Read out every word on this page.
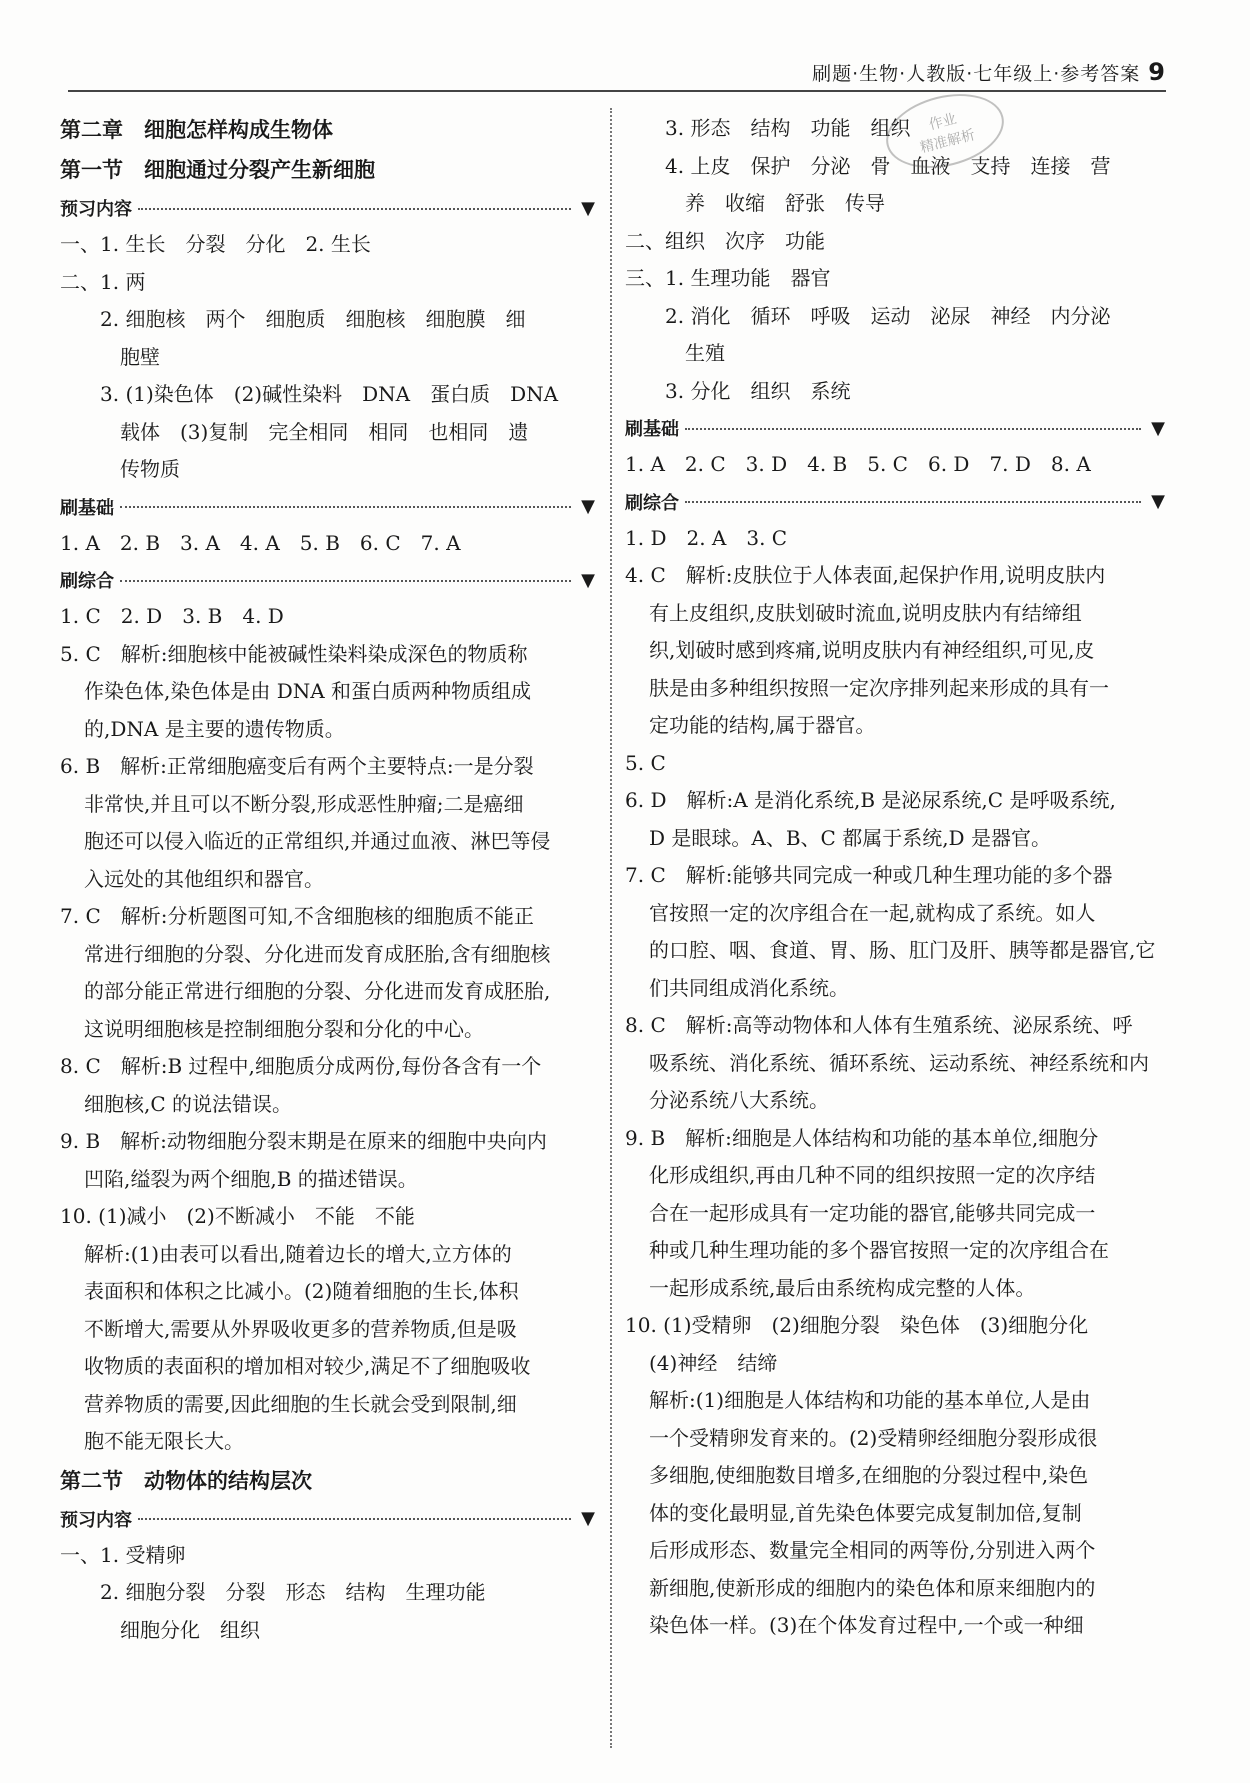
刷题·生物·人教版·七年级上·参考答案 9
第二章　细胞怎样构成生物体
第一节　细胞通过分裂产生新细胞
预习内容	▼
一、1. 生长　分裂　分化　2. 生长
二、1. 两
2. 细胞核　两个　细胞质　细胞核　细胞膜　细
胞壁
3. (1)染色体　(2)碱性染料　DNA　蛋白质　DNA
载体　(3)复制　完全相同　相同　也相同　遗
传物质
刷基础	▼
1. A　2. B　3. A　4. A　5. B　6. C　7. A
刷综合	▼
1. C　2. D　3. B　4. D
5. C　解析:细胞核中能被碱性染料染成深色的物质称
作染色体,染色体是由 DNA 和蛋白质两种物质组成
的,DNA 是主要的遗传物质。
6. B　解析:正常细胞癌变后有两个主要特点:一是分裂
非常快,并且可以不断分裂,形成恶性肿瘤;二是癌细
胞还可以侵入临近的正常组织,并通过血液、淋巴等侵
入远处的其他组织和器官。
7. C　解析:分析题图可知,不含细胞核的细胞质不能正
常进行细胞的分裂、分化进而发育成胚胎,含有细胞核
的部分能正常进行细胞的分裂、分化进而发育成胚胎,
这说明细胞核是控制细胞分裂和分化的中心。
8. C　解析:B 过程中,细胞质分成两份,每份各含有一个
细胞核,C 的说法错误。
9. B　解析:动物细胞分裂末期是在原来的细胞中央向内
凹陷,缢裂为两个细胞,B 的描述错误。
10. (1)减小　(2)不断减小　不能　不能
解析:(1)由表可以看出,随着边长的增大,立方体的
表面积和体积之比减小。(2)随着细胞的生长,体积
不断增大,需要从外界吸收更多的营养物质,但是吸
收物质的表面积的增加相对较少,满足不了细胞吸收
营养物质的需要,因此细胞的生长就会受到限制,细
胞不能无限长大。
第二节　动物体的结构层次
预习内容	▼
一、1. 受精卵
2. 细胞分裂　分裂　形态　结构　生理功能
细胞分化　组织
3. 形态　结构　功能　组织
4. 上皮　保护　分泌　骨　血液　支持　连接　营
养　收缩　舒张　传导
二、组织　次序　功能
三、1. 生理功能　器官
2. 消化　循环　呼吸　运动　泌尿　神经　内分泌
生殖
3. 分化　组织　系统
刷基础	▼
1. A　2. C　3. D　4. B　5. C　6. D　7. D　8. A
刷综合	▼
1. D　2. A　3. C
4. C　解析:皮肤位于人体表面,起保护作用,说明皮肤内
有上皮组织,皮肤划破时流血,说明皮肤内有结缔组
织,划破时感到疼痛,说明皮肤内有神经组织,可见,皮
肤是由多种组织按照一定次序排列起来形成的具有一
定功能的结构,属于器官。
5. C
6. D　解析:A 是消化系统,B 是泌尿系统,C 是呼吸系统,
D 是眼球。A、B、C 都属于系统,D 是器官。
7. C　解析:能够共同完成一种或几种生理功能的多个器
官按照一定的次序组合在一起,就构成了系统。如人
的口腔、咽、食道、胃、肠、肛门及肝、胰等都是器官,它
们共同组成消化系统。
8. C　解析:高等动物体和人体有生殖系统、泌尿系统、呼
吸系统、消化系统、循环系统、运动系统、神经系统和内
分泌系统八大系统。
9. B　解析:细胞是人体结构和功能的基本单位,细胞分
化形成组织,再由几种不同的组织按照一定的次序结
合在一起形成具有一定功能的器官,能够共同完成一
种或几种生理功能的多个器官按照一定的次序组合在
一起形成系统,最后由系统构成完整的人体。
10. (1)受精卵　(2)细胞分裂　染色体　(3)细胞分化
(4)神经　结缔
解析:(1)细胞是人体结构和功能的基本单位,人是由
一个受精卵发育来的。(2)受精卵经细胞分裂形成很
多细胞,使细胞数目增多,在细胞的分裂过程中,染色
体的变化最明显,首先染色体要完成复制加倍,复制
后形成形态、数量完全相同的两等份,分别进入两个
新细胞,使新形成的细胞内的染色体和原来细胞内的
染色体一样。(3)在个体发育过程中,一个或一种细
作业
精准解析
